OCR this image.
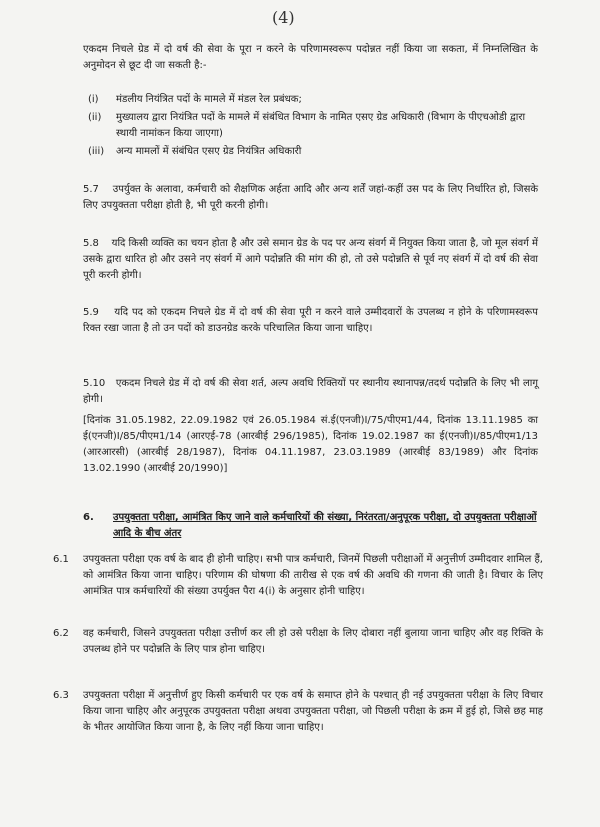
(4)

एकदम निचले ग्रेड में दो वर्ष की सेवा के पूरा न करने के परिणामस्वरूप पदोन्नत नहीं किया जा सकता, में निम्नलिखित के अनुमोदन से छूट दी जा सकती है:-

(i) मंडलीय नियंत्रित पदों के मामले में मंडल रेल प्रबंधक;
(ii) मुख्यालय द्वारा नियंत्रित पदों के मामले में संबंधित विभाग के नामित एसए ग्रेड अधिकारी (विभाग के पीएचओडी द्वारा स्थायी नामांकन किया जाएगा)
(iii) अन्य मामलों में संबंधित एसए ग्रेड नियंत्रित अधिकारी
5.7 उपर्युक्त के अलावा, कर्मचारी को शैक्षणिक अर्हता आदि और अन्य शर्तें जहां-कहीं उस पद के लिए निर्धारित हो, जिसके लिए उपयुक्तता परीक्षा होती है, भी पूरी करनी होगी।
5.8 यदि किसी व्यक्ति का चयन होता है और उसे समान ग्रेड के पद पर अन्य संवर्ग में नियुक्त किया जाता है, जो मूल संवर्ग में उसके द्वारा धारित हो और उसने नए संवर्ग में आगे पदोन्नति की मांग की हो, तो उसे पदोन्नति से पूर्व नए संवर्ग में दो वर्ष की सेवा पूरी करनी होगी।
5.9 यदि पद को एकदम निचले ग्रेड में दो वर्ष की सेवा पूरी न करने वाले उम्मीदवारों के उपलब्ध न होने के परिणामस्वरूप रिक्त रखा जाता है तो उन पदों को डाउनग्रेड करके परिचालित किया जाना चाहिए।
5.10 एकदम निचले ग्रेड में दो वर्ष की सेवा शर्त, अल्प अवधि रिक्तियों पर स्थानीय स्थानापन्न/तदर्थ पदोन्नति के लिए भी लागू होगी।
[दिनांक 31.05.1982, 22.09.1982 एवं 26.05.1984 सं.ई(एनजी)I/75/पीएम1/44, दिनांक 13.11.1985 का ई(एनजी)I/85/पीएम1/14 (आरएई-78 (आरबीई 296/1985), दिनांक 19.02.1987 का ई(एनजी)I/85/पीएम1/13 (आरआरसी) (आरबीई 28/1987), दिनांक 04.11.1987, 23.03.1989 (आरबीई 83/1989) और दिनांक 13.02.1990 (आरबीई 20/1990)]
6.	उपयुक्तता परीक्षा, आमंत्रित किए जाने वाले कर्मचारियों की संख्या, निरंतरता/अनुपूरक परीक्षा, दो उपयुक्तता परीक्षाओं आदि के बीच अंतर
6.1	उपयुक्तता परीक्षा एक वर्ष के बाद ही होनी चाहिए। सभी पात्र कर्मचारी, जिनमें पिछली परीक्षाओं में अनुत्तीर्ण उम्मीदवार शामिल हैं, को आमंत्रित किया जाना चाहिए। परिणाम की घोषणा की तारीख से एक वर्ष की अवधि की गणना की जाती है। विचार के लिए आमंत्रित पात्र कर्मचारियों की संख्या उपर्युक्त पैरा 4(i) के अनुसार होनी चाहिए।
6.2	वह कर्मचारी, जिसने उपयुक्तता परीक्षा उत्तीर्ण कर ली हो उसे परीक्षा के लिए दोबारा नहीं बुलाया जाना चाहिए और वह रिक्ति के उपलब्ध होने पर पदोन्नति के लिए पात्र होना चाहिए।
6.3	उपयुक्तता परीक्षा में अनुत्तीर्ण हुए किसी कर्मचारी पर एक वर्ष के समाप्त होने के पश्चात् ही नई उपयुक्तता परीक्षा के लिए विचार किया जाना चाहिए और अनुपूरक उपयुक्तता परीक्षा अथवा उपयुक्तता परीक्षा, जो पिछली परीक्षा के क्रम में हुई हो, जिसे छह माह के भीतर आयोजित किया जाना है, के लिए नहीं किया जाना चाहिए।
